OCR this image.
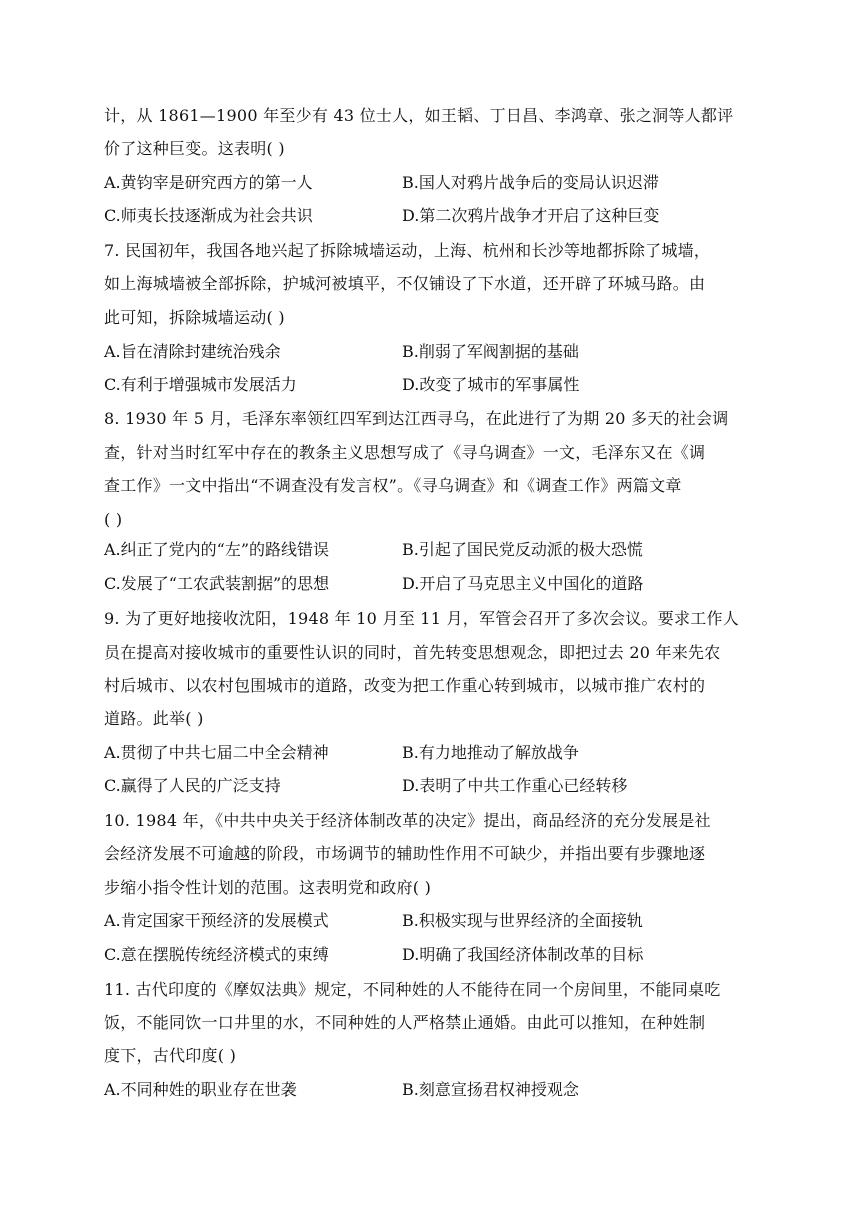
计，从 1861—1900 年至少有 43 位士人，如王韬、丁日昌、李鸿章、张之洞等人都评
价了这种巨变。这表明( )
A.黄钧宰是研究西方的第一人	B.国人对鸦片战争后的变局认识迟滞
C.师夷长技逐渐成为社会共识	D.第二次鸦片战争才开启了这种巨变
7. 民国初年，我国各地兴起了拆除城墙运动，上海、杭州和长沙等地都拆除了城墙，
如上海城墙被全部拆除，护城河被填平，不仅铺设了下水道，还开辟了环城马路。由
此可知，拆除城墙运动( )
A.旨在清除封建统治残余	B.削弱了军阀割据的基础
C.有利于增强城市发展活力	D.改变了城市的军事属性
8. 1930 年 5 月，毛泽东率领红四军到达江西寻乌，在此进行了为期 20 多天的社会调
查，针对当时红军中存在的教条主义思想写成了《寻乌调查》一文，毛泽东又在《调
查工作》一文中指出“不调查没有发言权”。《寻乌调查》和《调查工作》两篇文章
( )
A.纠正了党内的“左”的路线错误	B.引起了国民党反动派的极大恐慌
C.发展了“工农武装割据”的思想	D.开启了马克思主义中国化的道路
9. 为了更好地接收沈阳，1948 年 10 月至 11 月，军管会召开了多次会议。要求工作人
员在提高对接收城市的重要性认识的同时，首先转变思想观念，即把过去 20 年来先农
村后城市、以农村包围城市的道路，改变为把工作重心转到城市，以城市推广农村的
道路。此举( )
A.贯彻了中共七届二中全会精神	B.有力地推动了解放战争
C.赢得了人民的广泛支持	D.表明了中共工作重心已经转移
10. 1984 年，《中共中央关于经济体制改革的决定》提出，商品经济的充分发展是社
会经济发展不可逾越的阶段，市场调节的辅助性作用不可缺少，并指出要有步骤地逐
步缩小指令性计划的范围。这表明党和政府( )
A.肯定国家干预经济的发展模式	B.积极实现与世界经济的全面接轨
C.意在摆脱传统经济模式的束缚	D.明确了我国经济体制改革的目标
11. 古代印度的《摩奴法典》规定，不同种姓的人不能待在同一个房间里，不能同桌吃
饭，不能同饮一口井里的水，不同种姓的人严格禁止通婚。由此可以推知，在种姓制
度下，古代印度( )
A.不同种姓的职业存在世袭	B.刻意宣扬君权神授观念
